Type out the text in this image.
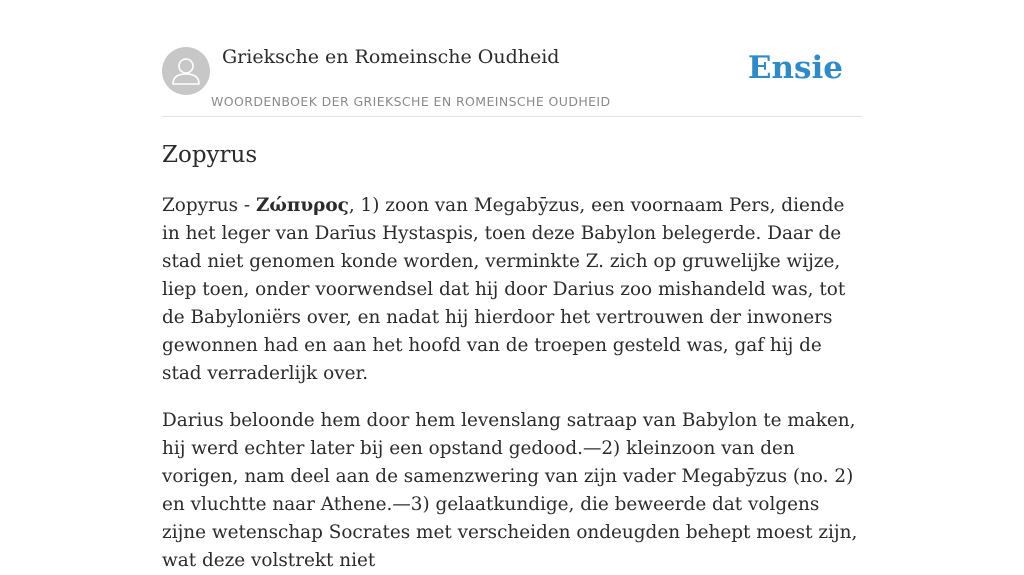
Grieksche en Romeinsche Oudheid
WOORDENBOEK DER GRIEKSCHE EN ROMEINSCHE OUDHEID
Ensie
Zopyrus

Zopyrus - Ζώπυρος, 1) zoon van Megabȳzus, een voornaam Pers, diende in het leger van Darīus Hystaspis, toen deze Babylon belegerde. Daar de stad niet genomen konde worden, verminkte Z. zich op gruwelijke wijze, liep toen, onder voorwendsel dat hij door Darius zoo mishandeld was, tot de Babyloniërs over, en nadat hij hierdoor het vertrouwen der inwoners gewonnen had en aan het hoofd van de troepen gesteld was, gaf hij de stad verraderlijk over.

Darius beloonde hem door hem levenslang satraap van Babylon te maken, hij werd echter later bij een opstand gedood.—2) kleinzoon van den vorigen, nam deel aan de samenzwering van zijn vader Megabȳzus (no. 2) en vluchtte naar Athene.—3) gelaatkundige, die beweerde dat volgens zijne wetenschap Socrates met verscheiden ondeugden behept moest zijn, wat deze volstrekt niet
